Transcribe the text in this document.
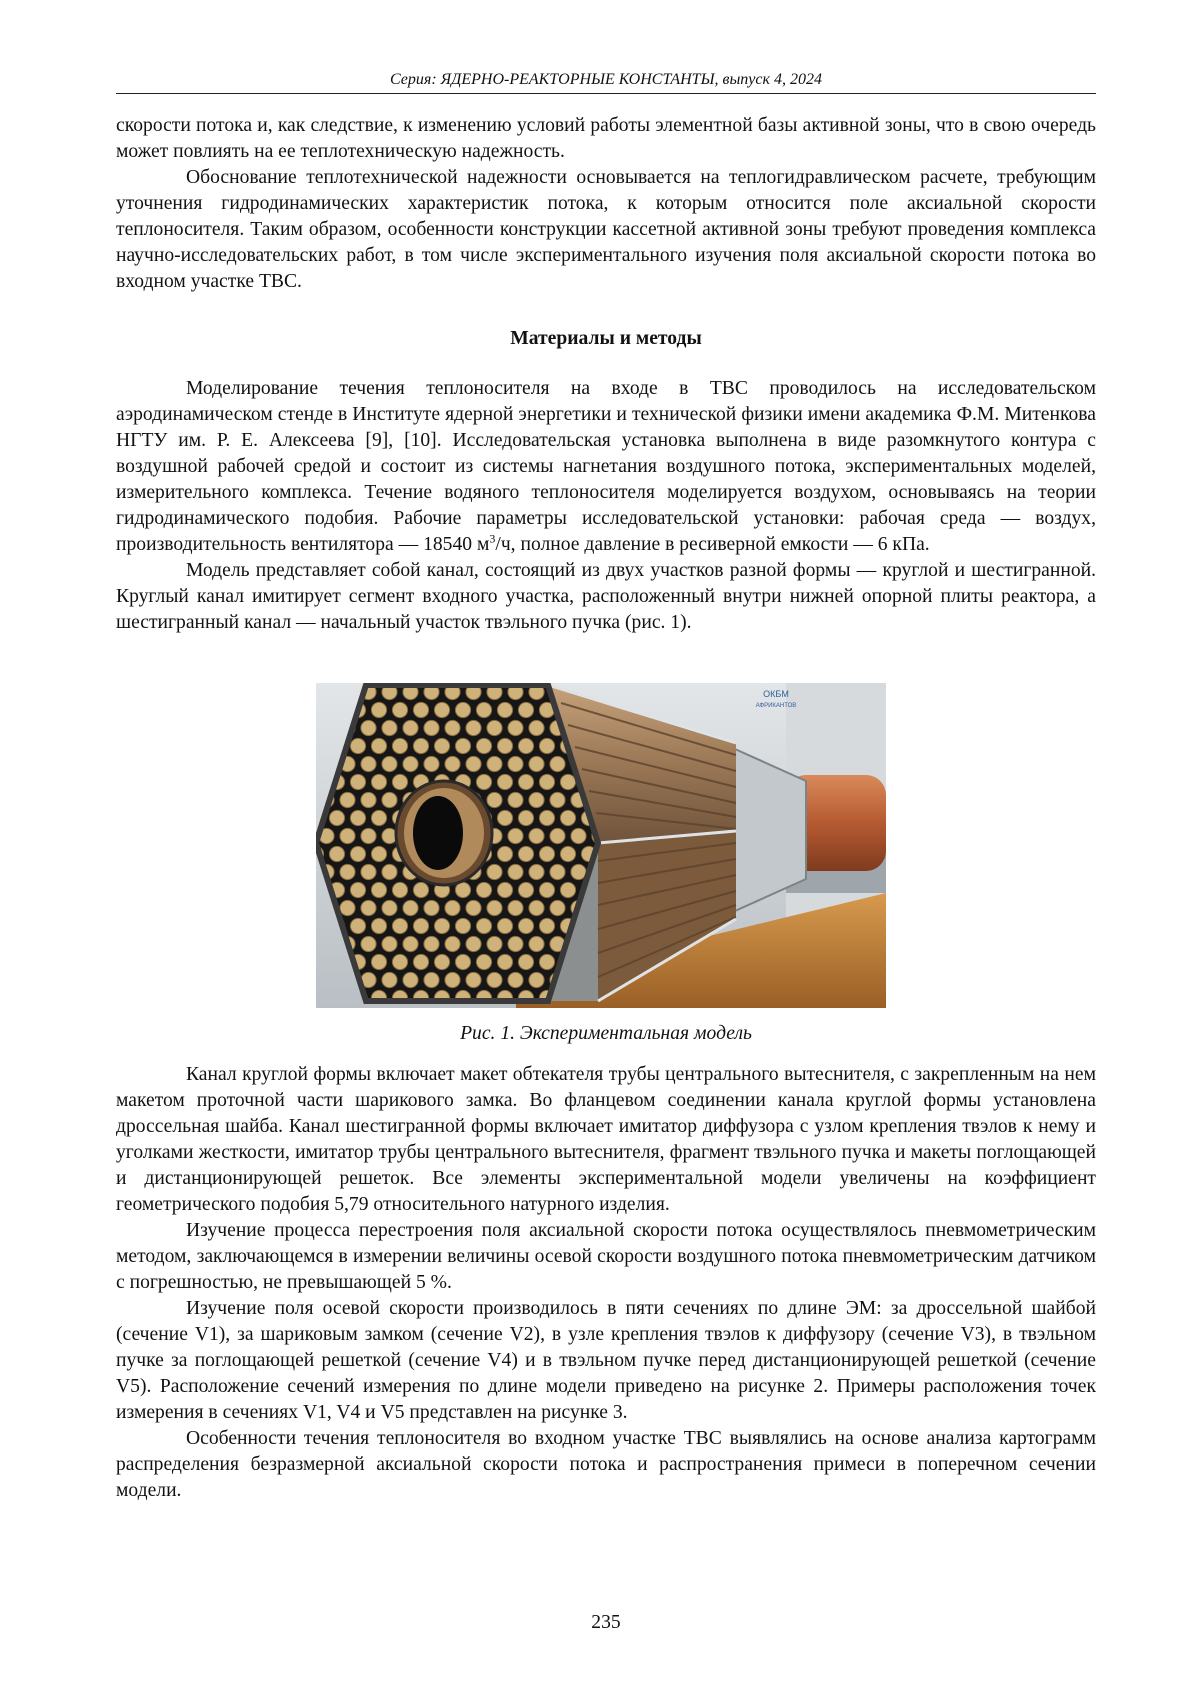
Серия: ЯДЕРНО-РЕАКТОРНЫЕ КОНСТАНТЫ, выпуск 4, 2024

скорости потока и, как следствие, к изменению условий работы элементной базы активной зоны, что в свою очередь может повлиять на ее теплотехническую надежность.

Обоснование теплотехнической надежности основывается на теплогидравлическом расчете, требующим уточнения гидродинамических характеристик потока, к которым относится поле аксиальной скорости теплоносителя. Таким образом, особенности конструкции кассетной активной зоны требуют проведения комплекса научно-исследовательских работ, в том числе экспериментального изучения поля аксиальной скорости потока во входном участке ТВС.

Материалы и методы

Моделирование течения теплоносителя на входе в ТВС проводилось на исследовательском аэродинамическом стенде в Институте ядерной энергетики и технической физики имени академика Ф.М. Митенкова НГТУ им. Р. Е. Алексеева [9], [10]. Исследовательская установка выполнена в виде разомкнутого контура с воздушной рабочей средой и состоит из системы нагнетания воздушного потока, экспериментальных моделей, измерительного комплекса. Течение водяного теплоносителя моделируется воздухом, основываясь на теории гидродинамического подобия. Рабочие параметры исследовательской установки: рабочая среда — воздух, производительность вентилятора — 18540 $м^3/ч$, полное давление в ресиверной емкости — 6 кПа.

Модель представляет собой канал, состоящий из двух участков разной формы — круглой и шестигранной. Круглый канал имитирует сегмент входного участка, расположенный внутри нижней опорной плиты реактора, а шестигранный канал — начальный участок твэльного пучка (рис. 1).

ОКБМ
АФРИКАНТОВ
Рис. 1. Экспериментальная модель

Канал круглой формы включает макет обтекателя трубы центрального вытеснителя, с закрепленным на нем макетом проточной части шарикового замка. Во фланцевом соединении канала круглой формы установлена дроссельная шайба. Канал шестигранной формы включает имитатор диффузора с узлом крепления твэлов к нему и уголками жесткости, имитатор трубы центрального вытеснителя, фрагмент твэльного пучка и макеты поглощающей и дистанционирующей решеток. Все элементы экспериментальной модели увеличены на коэффициент геометрического подобия 5,79 относительного натурного изделия.

Изучение процесса перестроения поля аксиальной скорости потока осуществлялось пневмометрическим методом, заключающемся в измерении величины осевой скорости воздушного потока пневмометрическим датчиком с погрешностью, не превышающей 5 %.

Изучение поля осевой скорости производилось в пяти сечениях по длине ЭМ: за дроссельной шайбой (сечение V1), за шариковым замком (сечение V2), в узле крепления твэлов к диффузору (сечение V3), в твэльном пучке за поглощающей решеткой (сечение V4) и в твэльном пучке перед дистанционирующей решеткой (сечение V5). Расположение сечений измерения по длине модели приведено на рисунке 2. Примеры расположения точек измерения в сечениях V1, V4 и V5 представлен на рисунке 3.

Особенности течения теплоносителя во входном участке ТВС выявлялись на основе анализа картограмм распределения безразмерной аксиальной скорости потока и распространения примеси в поперечном сечении модели.

235
